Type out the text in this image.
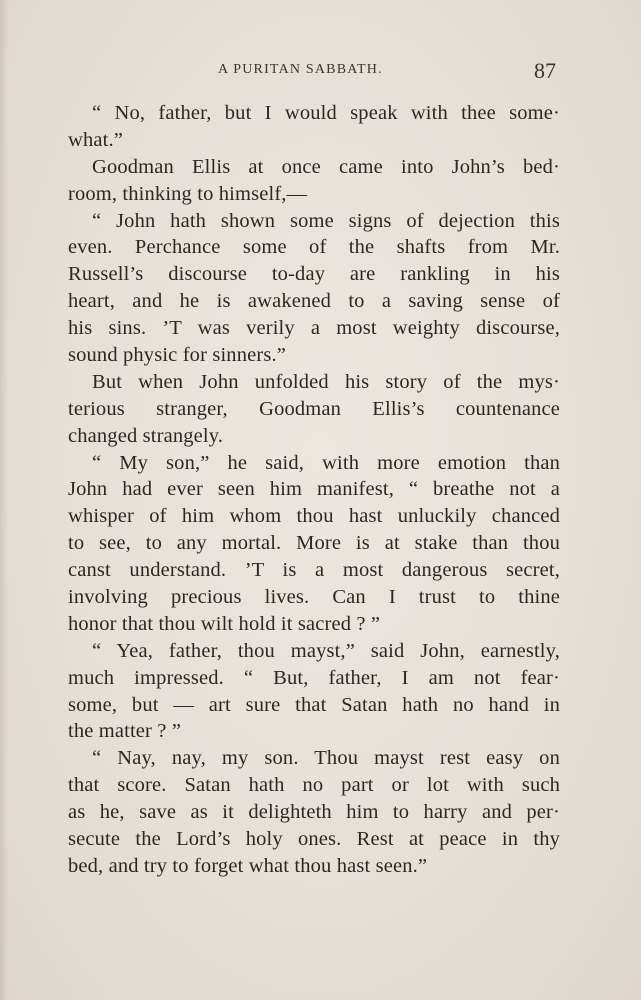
A PURITAN SABBATH.	87
“ No, father, but I would speak with thee some·
what.”
Goodman Ellis at once came into John’s bed·
room, thinking to himself,—
“ John hath shown some signs of dejection this
even. Perchance some of the shafts from Mr.
Russell’s discourse to-day are rankling in his
heart, and he is awakened to a saving sense of
his sins. ’T was verily a most weighty discourse,
sound physic for sinners.”
But when John unfolded his story of the mys·
terious stranger, Goodman Ellis’s countenance
changed strangely.
“ My son,” he said, with more emotion than
John had ever seen him manifest, “ breathe not a
whisper of him whom thou hast unluckily chanced
to see, to any mortal. More is at stake than thou
canst understand. ’T is a most dangerous secret,
involving precious lives. Can I trust to thine
honor that thou wilt hold it sacred ? ”
“ Yea, father, thou mayst,” said John, earnestly,
much impressed. “ But, father, I am not fear·
some, but — art sure that Satan hath no hand in
the matter ? ”
“ Nay, nay, my son. Thou mayst rest easy on
that score. Satan hath no part or lot with such
as he, save as it delighteth him to harry and per·
secute the Lord’s holy ones. Rest at peace in thy
bed, and try to forget what thou hast seen.”
